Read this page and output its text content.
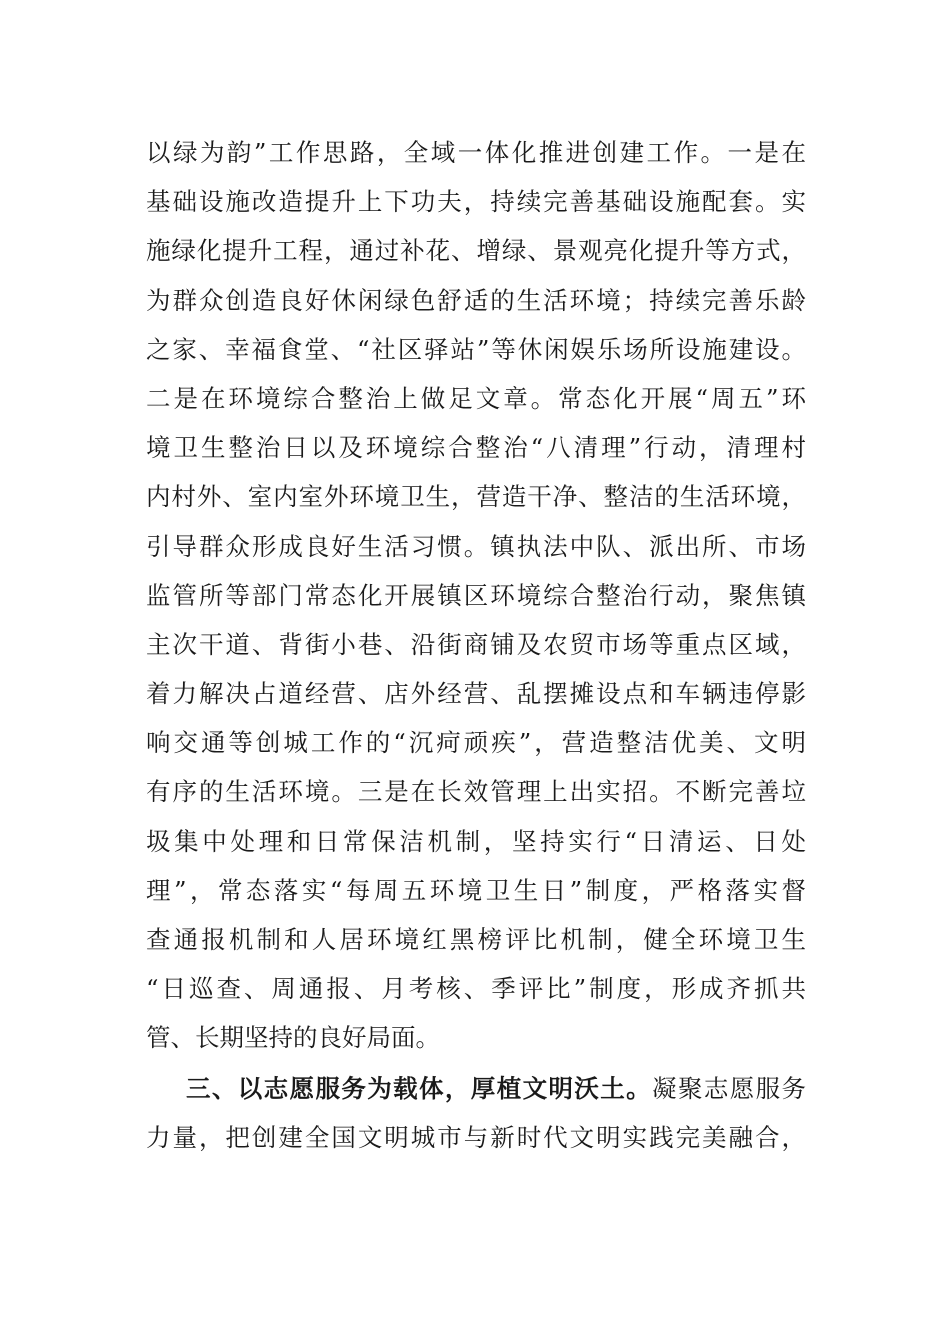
以绿为韵”工作思路，全域一体化推进创建工作。一是在
基础设施改造提升上下功夫，持续完善基础设施配套。实
施绿化提升工程，通过补花、增绿、景观亮化提升等方式，
为群众创造良好休闲绿色舒适的生活环境；持续完善乐龄
之家、幸福食堂、“社区驿站”等休闲娱乐场所设施建设。
二是在环境综合整治上做足文章。常态化开展“周五”环
境卫生整治日以及环境综合整治“八清理”行动，清理村
内村外、室内室外环境卫生，营造干净、整洁的生活环境，
引导群众形成良好生活习惯。镇执法中队、派出所、市场
监管所等部门常态化开展镇区环境综合整治行动，聚焦镇
主次干道、背街小巷、沿街商铺及农贸市场等重点区域，
着力解决占道经营、店外经营、乱摆摊设点和车辆违停影
响交通等创城工作的“沉疴顽疾”，营造整洁优美、文明
有序的生活环境。三是在长效管理上出实招。不断完善垃
圾集中处理和日常保洁机制，坚持实行“日清运、日处
理”，常态落实“每周五环境卫生日”制度，严格落实督
查通报机制和人居环境红黑榜评比机制，健全环境卫生
“日巡查、周通报、月考核、季评比”制度，形成齐抓共
管、长期坚持的良好局面。
三、以志愿服务为载体，厚植文明沃土。凝聚志愿服务
力量，把创建全国文明城市与新时代文明实践完美融合，
